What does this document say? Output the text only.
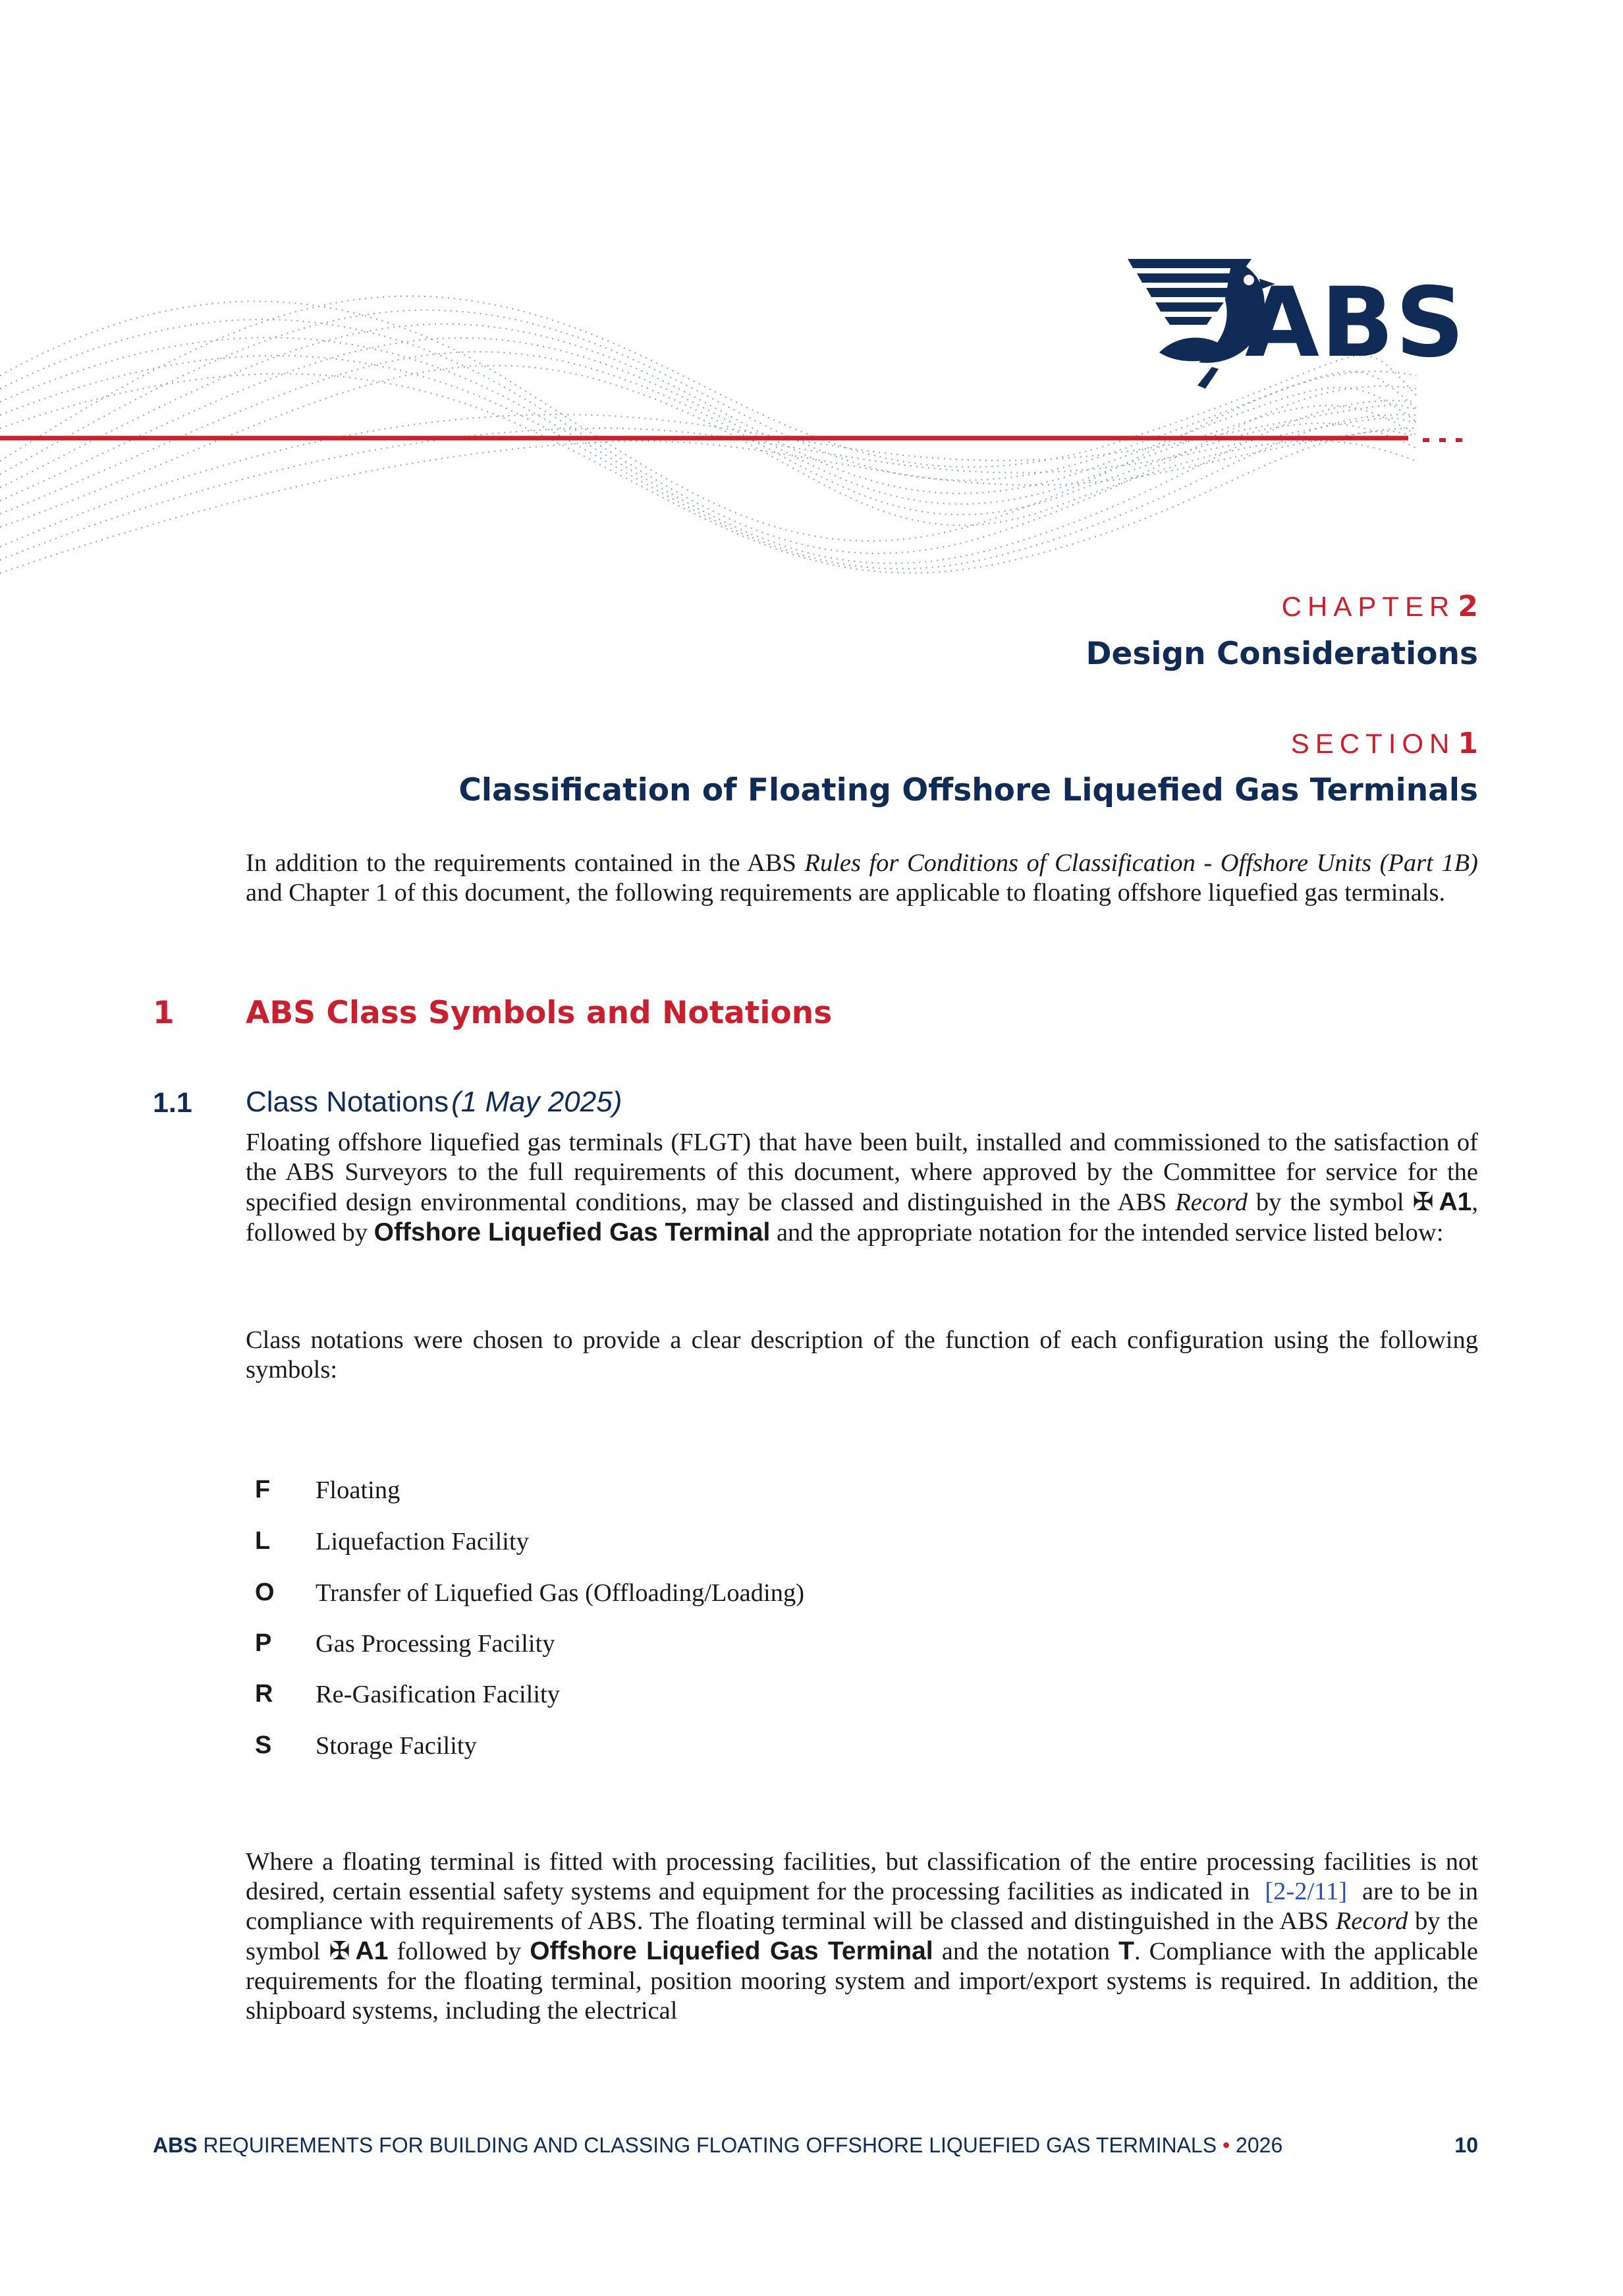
ABS
CHAPTER 2
Design Considerations
SECTION 1
Classification of Floating Offshore Liquefied Gas Terminals
In addition to the requirements contained in the ABS Rules for Conditions of Classification - Offshore Units (Part 1B) and Chapter 1 of this document, the following requirements are applicable to floating offshore liquefied gas terminals.
1 ABS Class Symbols and Notations
1.1 Class Notations (1 May 2025)
Floating offshore liquefied gas terminals (FLGT) that have been built, installed and commissioned to the satisfaction of the ABS Surveyors to the full requirements of this document, where approved by the Committee for service for the specified design environmental conditions, may be classed and distinguished in the ABS Record by the symbol ✠  A1, followed by Offshore Liquefied Gas Terminal and the appropriate notation for the intended service listed below:
Class notations were chosen to provide a clear description of the function of each configuration using the following symbols:
F	Floating
L	Liquefaction Facility
O Transfer of Liquefied Gas (Offloading/Loading)
P	Gas Processing Facility
R	Re-Gasification Facility
S	Storage Facility
Where a floating terminal is fitted with processing facilities, but classification of the entire processing facilities is not desired, certain essential safety systems and equipment for the processing facilities as indicated in [2-2/11] are to be in compliance with requirements of ABS. The floating terminal will be classed and distinguished in the ABS Record by the symbol ✠  A1 followed by Offshore Liquefied Gas Terminal and the notation T. Compliance with the applicable requirements for the floating terminal, position mooring system and import/export systems is required. In addition, the shipboard systems, including the electrical
ABS REQUIREMENTS FOR BUILDING AND CLASSING FLOATING OFFSHORE LIQUEFIED GAS TERMINALS • 2026	10
